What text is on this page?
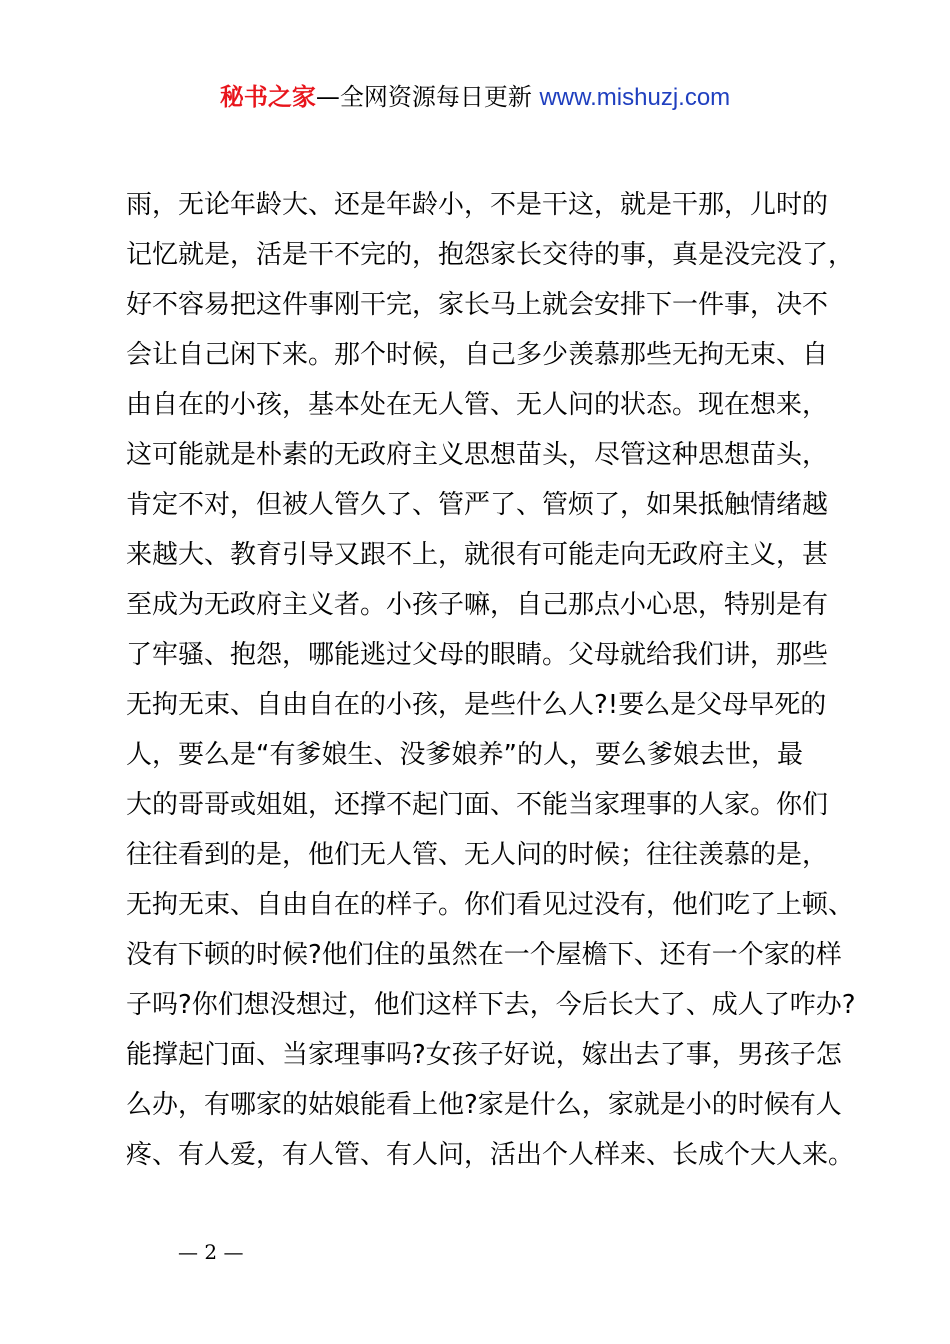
秘书之家—全网资源每日更新 www.mishuzj.com
雨，无论年龄大、还是年龄小，不是干这，就是干那，儿时的
记忆就是，活是干不完的，抱怨家长交待的事，真是没完没了，
好不容易把这件事刚干完，家长马上就会安排下一件事，决不
会让自己闲下来。那个时候，自己多少羡慕那些无拘无束、自
由自在的小孩，基本处在无人管、无人问的状态。现在想来，
这可能就是朴素的无政府主义思想苗头，尽管这种思想苗头，
肯定不对，但被人管久了、管严了、管烦了，如果抵触情绪越
来越大、教育引导又跟不上，就很有可能走向无政府主义，甚
至成为无政府主义者。小孩子嘛，自己那点小心思，特别是有
了牢骚、抱怨，哪能逃过父母的眼睛。父母就给我们讲，那些
无拘无束、自由自在的小孩，是些什么人?!要么是父母早死的
人，要么是“有爹娘生、没爹娘养”的人，要么爹娘去世，最
大的哥哥或姐姐，还撑不起门面、不能当家理事的人家。你们
往往看到的是，他们无人管、无人问的时候；往往羡慕的是，
无拘无束、自由自在的样子。你们看见过没有，他们吃了上顿、
没有下顿的时候?他们住的虽然在一个屋檐下、还有一个家的样
子吗?你们想没想过，他们这样下去，今后长大了、成人了咋办?
能撑起门面、当家理事吗?女孩子好说，嫁出去了事，男孩子怎
么办，有哪家的姑娘能看上他?家是什么，家就是小的时候有人
疼、有人爱，有人管、有人问，活出个人样来、长成个大人来。
— 2 —
